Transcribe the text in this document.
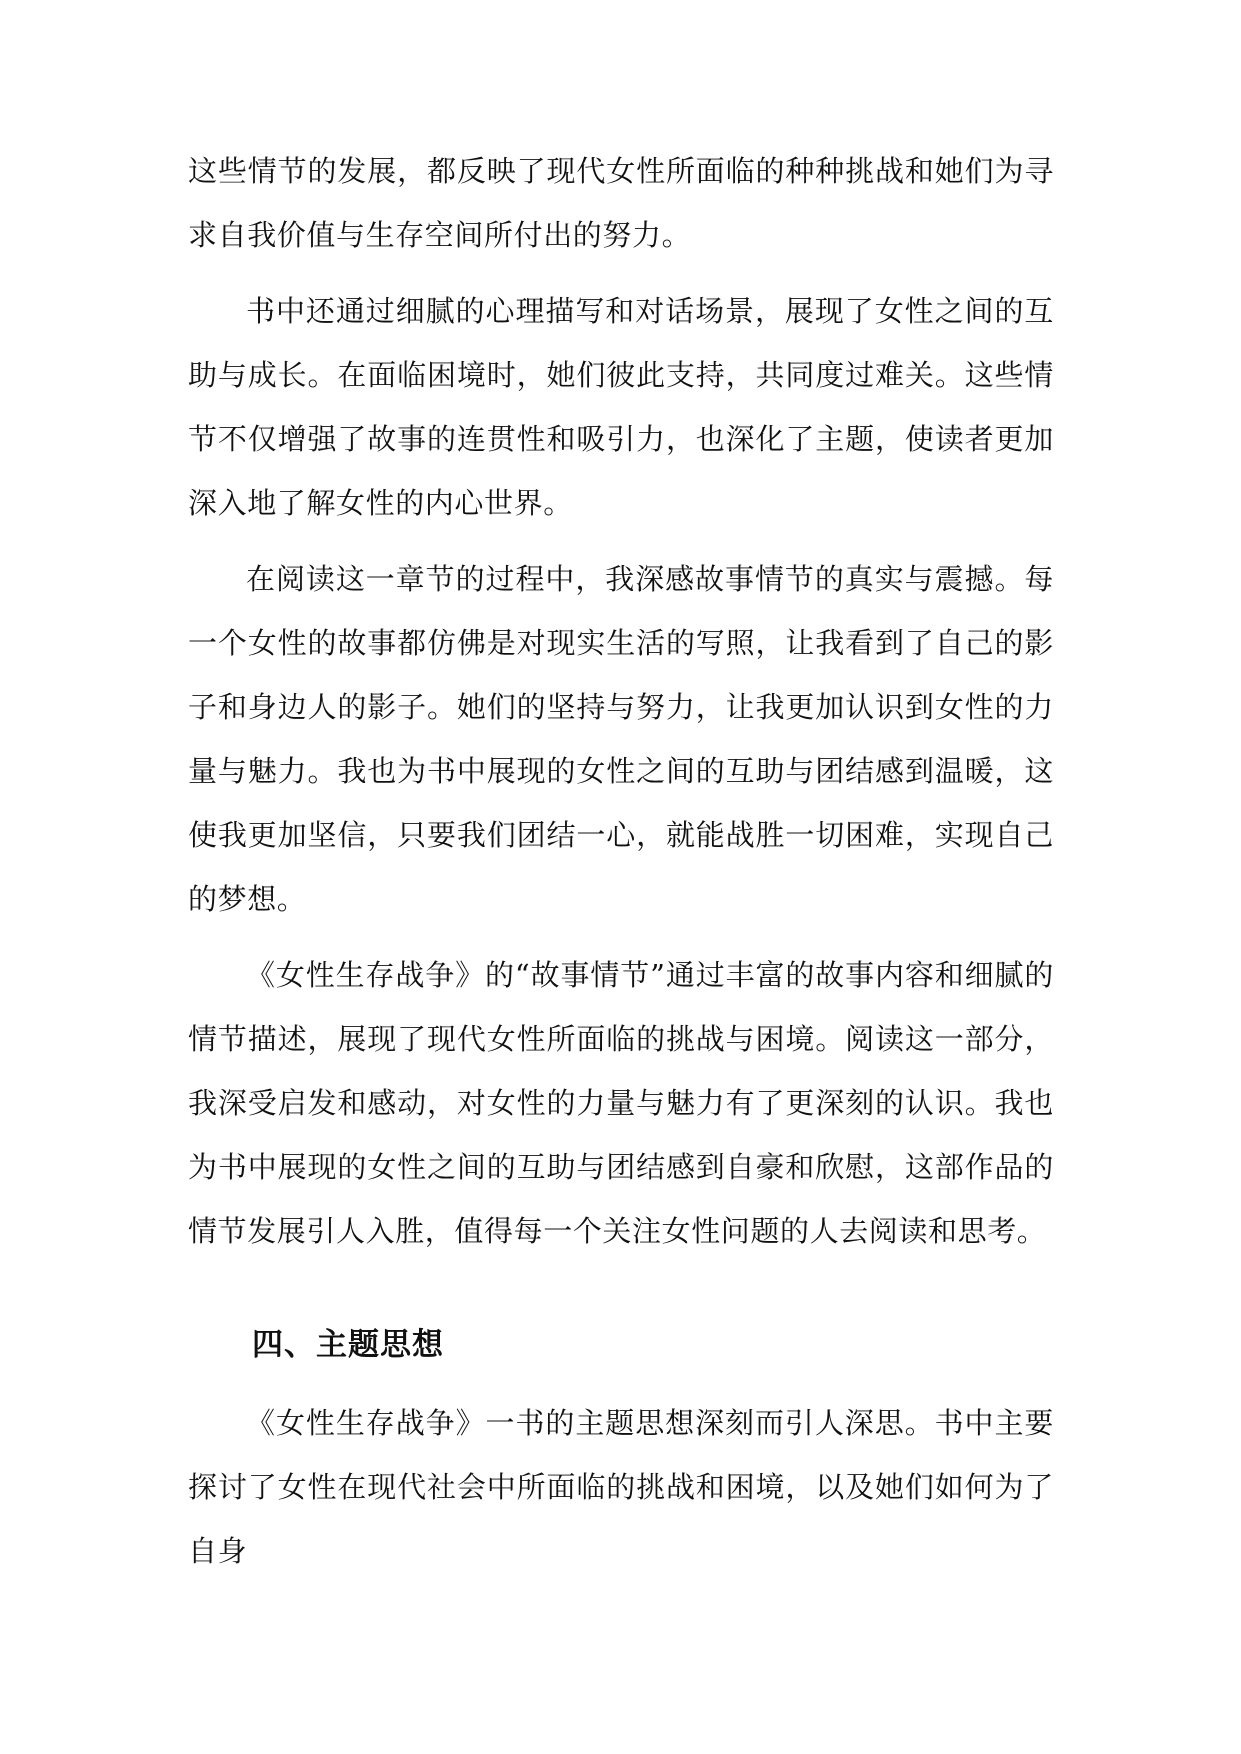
这些情节的发展，都反映了现代女性所面临的种种挑战和她们为寻求自我价值与生存空间所付出的努力。

书中还通过细腻的心理描写和对话场景，展现了女性之间的互助与成长。在面临困境时，她们彼此支持，共同度过难关。这些情节不仅增强了故事的连贯性和吸引力，也深化了主题，使读者更加深入地了解女性的内心世界。

在阅读这一章节的过程中，我深感故事情节的真实与震撼。每一个女性的故事都仿佛是对现实生活的写照，让我看到了自己的影子和身边人的影子。她们的坚持与努力，让我更加认识到女性的力量与魅力。我也为书中展现的女性之间的互助与团结感到温暖，这使我更加坚信，只要我们团结一心，就能战胜一切困难，实现自己的梦想。

《女性生存战争》的“故事情节”通过丰富的故事内容和细腻的情节描述，展现了现代女性所面临的挑战与困境。阅读这一部分，我深受启发和感动，对女性的力量与魅力有了更深刻的认识。我也为书中展现的女性之间的互助与团结感到自豪和欣慰，这部作品的情节发展引人入胜，值得每一个关注女性问题的人去阅读和思考。

四、主题思想

《女性生存战争》一书的主题思想深刻而引人深思。书中主要探讨了女性在现代社会中所面临的挑战和困境，以及她们如何为了自身
